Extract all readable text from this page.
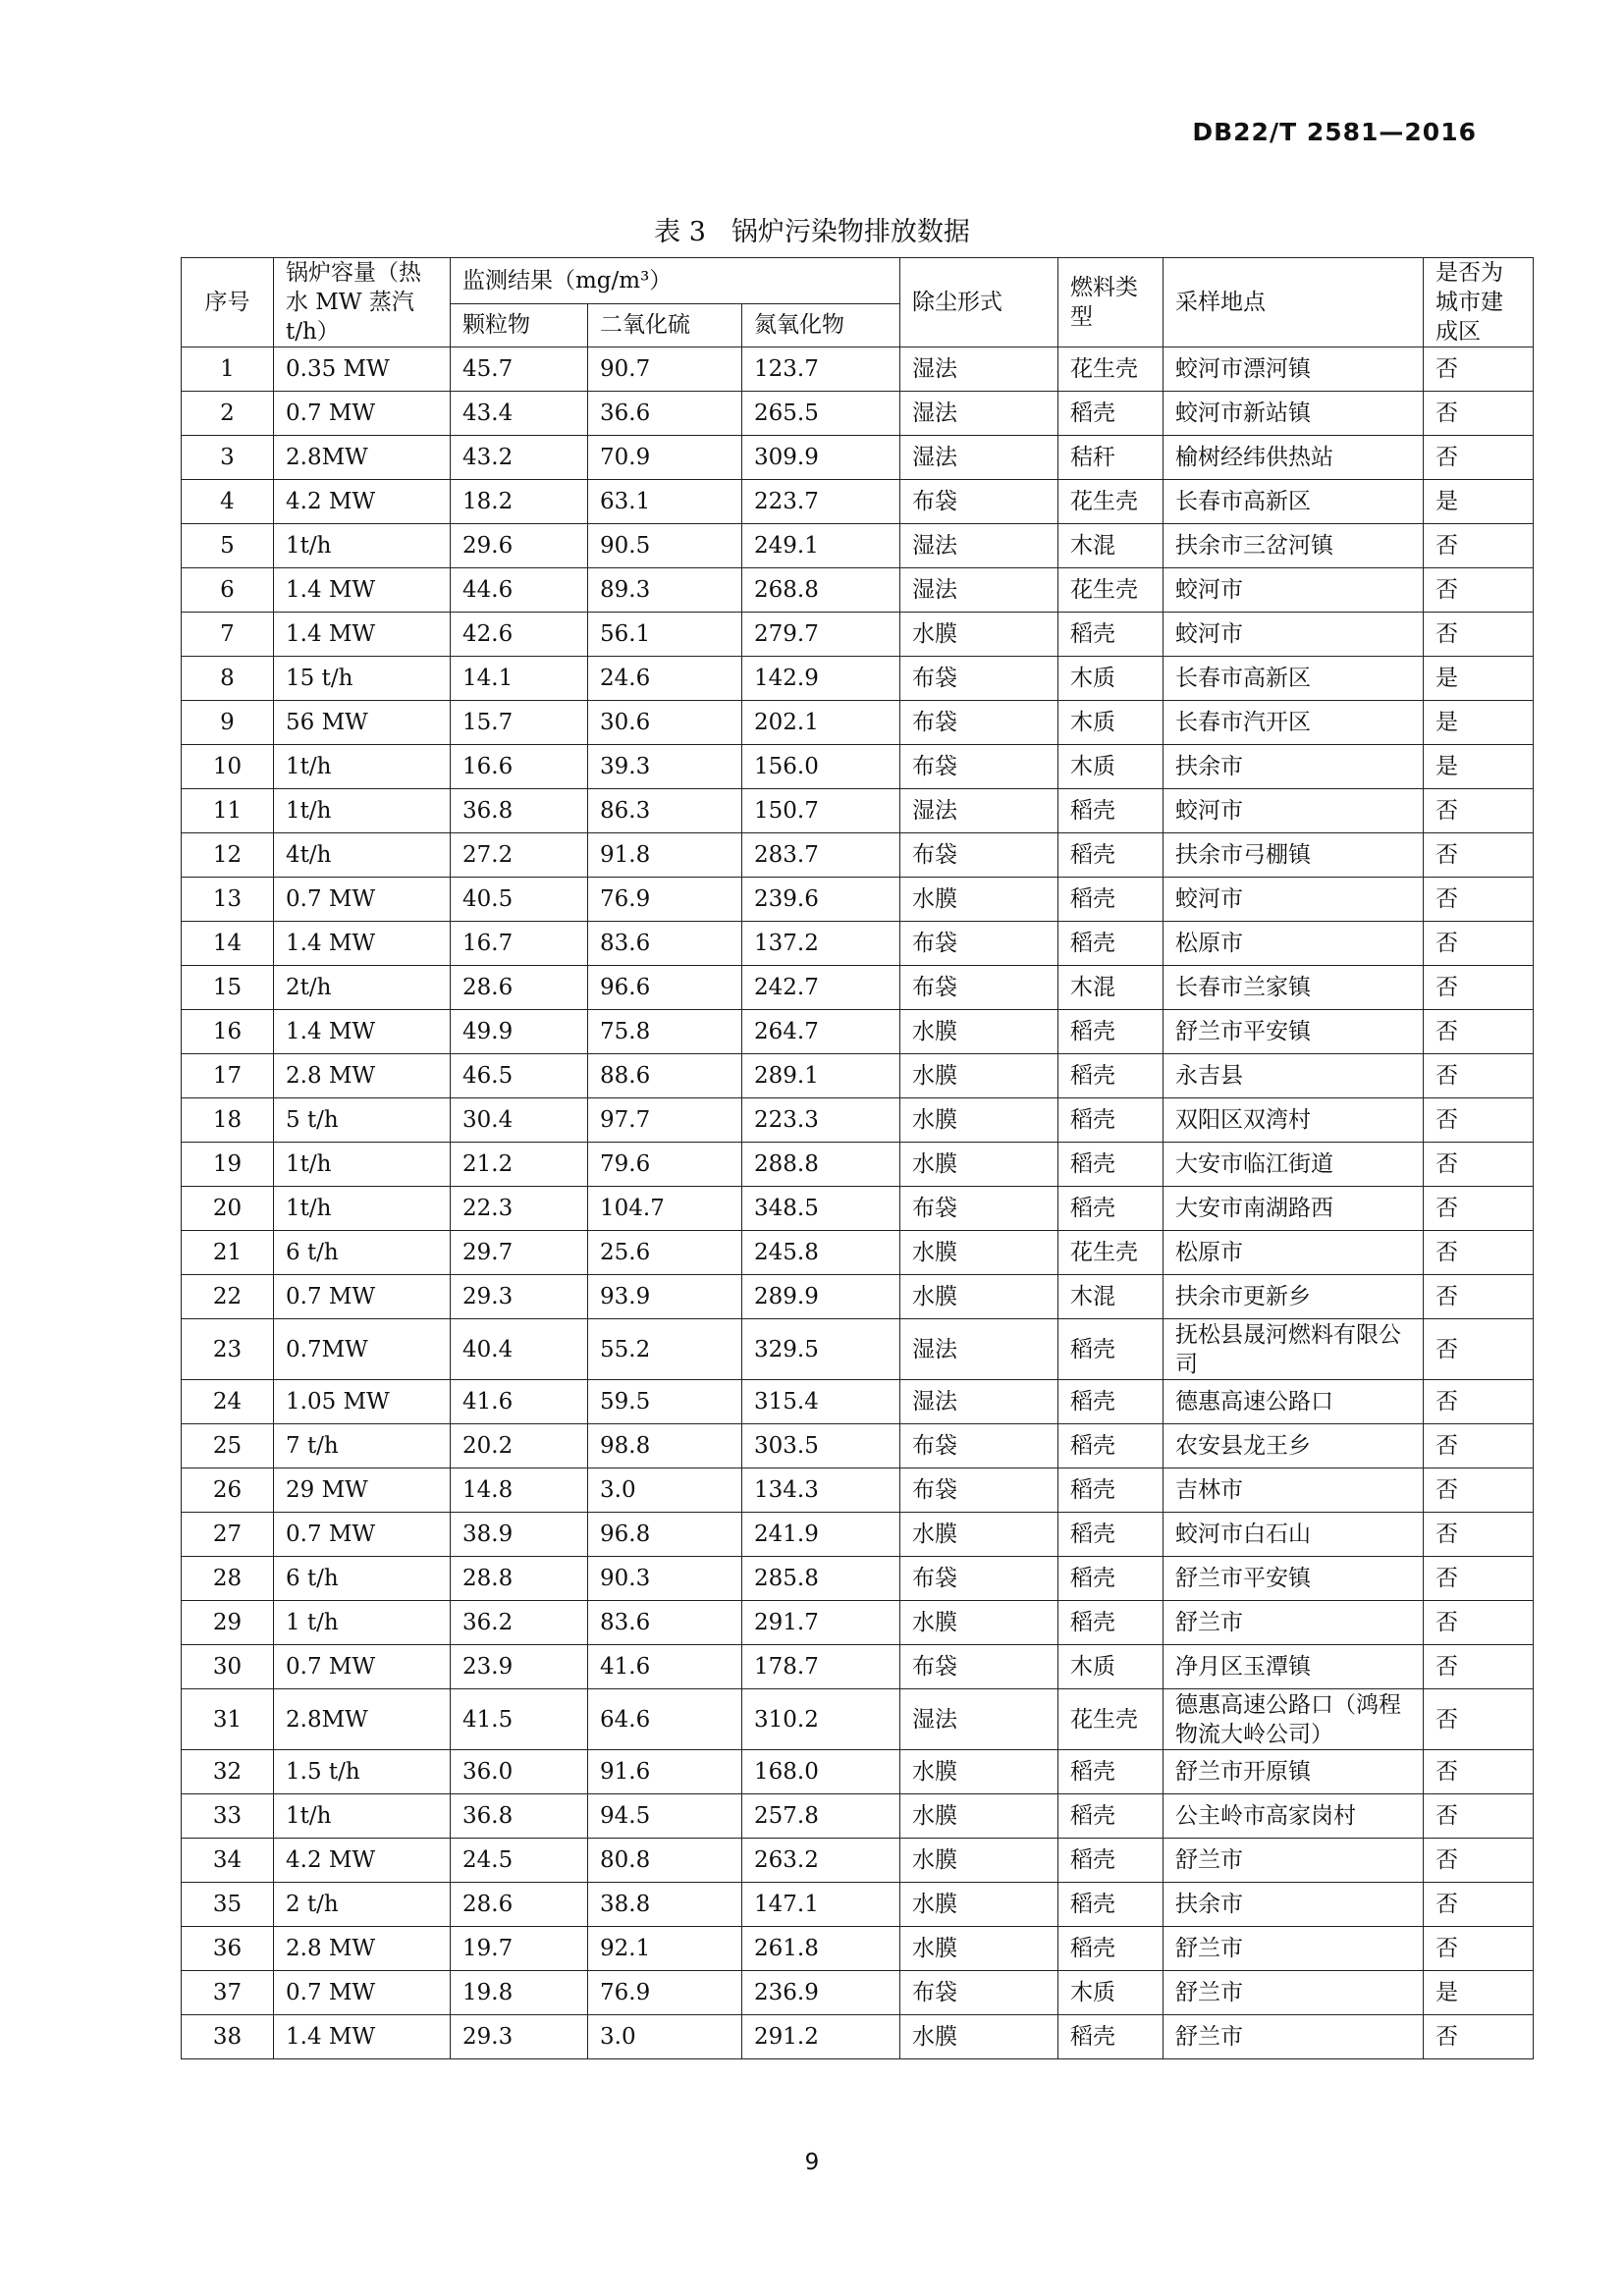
DB22/T 2581—2016
表 3 锅炉污染物排放数据
序号	锅炉容量（热水 MW 蒸汽 t/h）	监测结果（mg/m³）			除尘形式	燃料类型	采样地点	是否为城市建成区
		颗粒物	二氧化硫	氮氧化物				
1	0.35 MW	45.7	90.7	123.7	湿法	花生壳	蛟河市漂河镇	否
2	0.7 MW	43.4	36.6	265.5	湿法	稻壳	蛟河市新站镇	否
3	2.8MW	43.2	70.9	309.9	湿法	秸秆	榆树经纬供热站	否
4	4.2 MW	18.2	63.1	223.7	布袋	花生壳	长春市高新区	是
5	1t/h	29.6	90.5	249.1	湿法	木混	扶余市三岔河镇	否
6	1.4 MW	44.6	89.3	268.8	湿法	花生壳	蛟河市	否
7	1.4 MW	42.6	56.1	279.7	水膜	稻壳	蛟河市	否
8	15 t/h	14.1	24.6	142.9	布袋	木质	长春市高新区	是
9	56 MW	15.7	30.6	202.1	布袋	木质	长春市汽开区	是
10	1t/h	16.6	39.3	156.0	布袋	木质	扶余市	是
11	1t/h	36.8	86.3	150.7	湿法	稻壳	蛟河市	否
12	4t/h	27.2	91.8	283.7	布袋	稻壳	扶余市弓棚镇	否
13	0.7 MW	40.5	76.9	239.6	水膜	稻壳	蛟河市	否
14	1.4 MW	16.7	83.6	137.2	布袋	稻壳	松原市	否
15	2t/h	28.6	96.6	242.7	布袋	木混	长春市兰家镇	否
16	1.4 MW	49.9	75.8	264.7	水膜	稻壳	舒兰市平安镇	否
17	2.8 MW	46.5	88.6	289.1	水膜	稻壳	永吉县	否
18	5 t/h	30.4	97.7	223.3	水膜	稻壳	双阳区双湾村	否
19	1t/h	21.2	79.6	288.8	水膜	稻壳	大安市临江街道	否
20	1t/h	22.3	104.7	348.5	布袋	稻壳	大安市南湖路西	否
21	6 t/h	29.7	25.6	245.8	水膜	花生壳	松原市	否
22	0.7 MW	29.3	93.9	289.9	水膜	木混	扶余市更新乡	否
23	0.7MW	40.4	55.2	329.5	湿法	稻壳	抚松县晟河燃料有限公司	否
24	1.05 MW	41.6	59.5	315.4	湿法	稻壳	德惠高速公路口	否
25	7 t/h	20.2	98.8	303.5	布袋	稻壳	农安县龙王乡	否
26	29 MW	14.8	3.0	134.3	布袋	稻壳	吉林市	否
27	0.7 MW	38.9	96.8	241.9	水膜	稻壳	蛟河市白石山	否
28	6 t/h	28.8	90.3	285.8	布袋	稻壳	舒兰市平安镇	否
29	1 t/h	36.2	83.6	291.7	水膜	稻壳	舒兰市	否
30	0.7 MW	23.9	41.6	178.7	布袋	木质	净月区玉潭镇	否
31	2.8MW	41.5	64.6	310.2	湿法	花生壳	德惠高速公路口（鸿程物流大岭公司）	否
32	1.5 t/h	36.0	91.6	168.0	水膜	稻壳	舒兰市开原镇	否
33	1t/h	36.8	94.5	257.8	水膜	稻壳	公主岭市高家岗村	否
34	4.2 MW	24.5	80.8	263.2	水膜	稻壳	舒兰市	否
35	2 t/h	28.6	38.8	147.1	水膜	稻壳	扶余市	否
36	2.8 MW	19.7	92.1	261.8	水膜	稻壳	舒兰市	否
37	0.7 MW	19.8	76.9	236.9	布袋	木质	舒兰市	是
38	1.4 MW	29.3	3.0	291.2	水膜	稻壳	舒兰市	否
9
